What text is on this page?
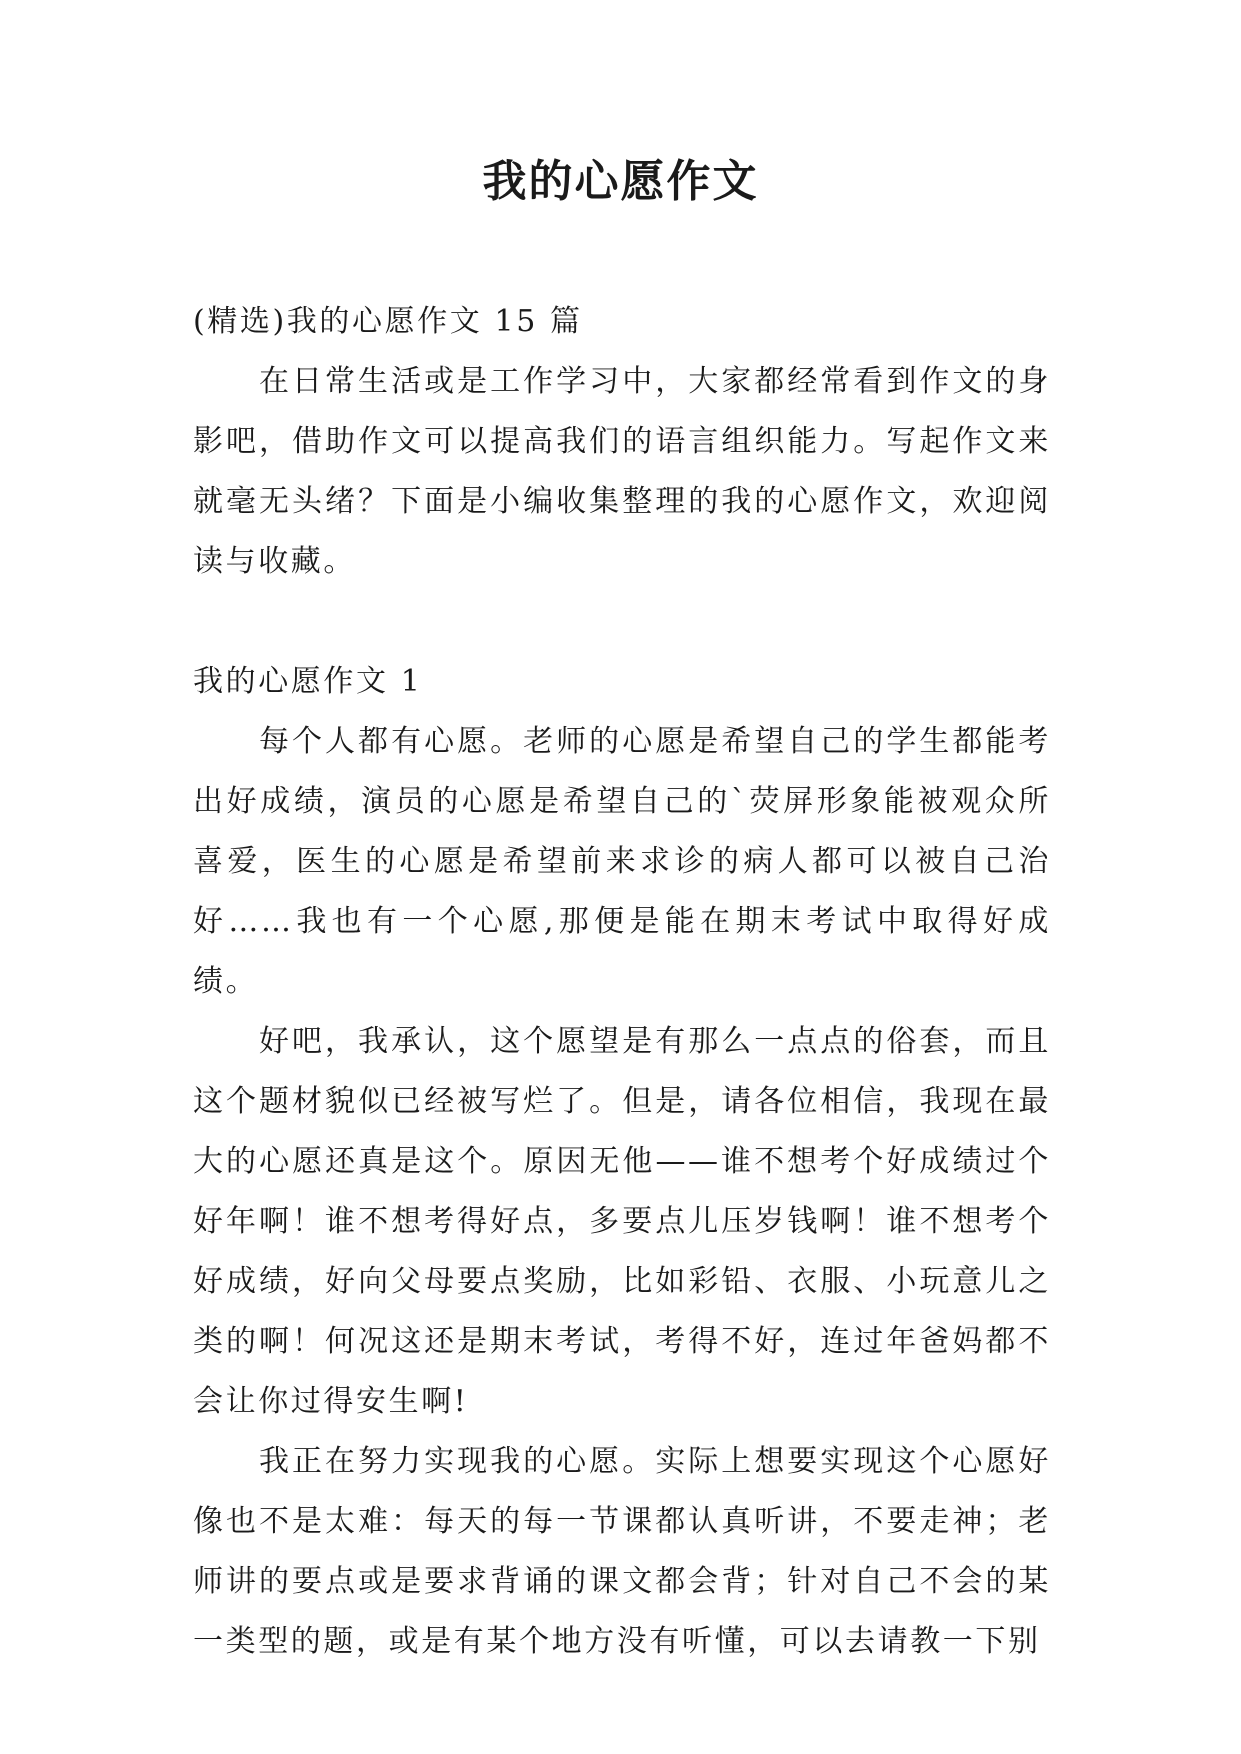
我的心愿作文

(精选)我的心愿作文 15 篇

在日常生活或是工作学习中，大家都经常看到作文的身影吧，借助作文可以提高我们的语言组织能力。写起作文来就毫无头绪？下面是小编收集整理的我的心愿作文，欢迎阅读与收藏。

我的心愿作文 1

每个人都有心愿。老师的心愿是希望自己的学生都能考出好成绩，演员的心愿是希望自己的`荧屏形象能被观众所喜爱，医生的心愿是希望前来求诊的病人都可以被自己治好……我也有一个心愿,那便是能在期末考试中取得好成绩。

好吧，我承认，这个愿望是有那么一点点的俗套，而且这个题材貌似已经被写烂了。但是，请各位相信，我现在最大的心愿还真是这个。原因无他——谁不想考个好成绩过个好年啊！谁不想考得好点，多要点儿压岁钱啊！谁不想考个好成绩，好向父母要点奖励，比如彩铅、衣服、小玩意儿之类的啊！何况这还是期末考试，考得不好，连过年爸妈都不会让你过得安生啊!

我正在努力实现我的心愿。实际上想要实现这个心愿好像也不是太难：每天的每一节课都认真听讲，不要走神；老师讲的要点或是要求背诵的课文都会背；针对自己不会的某一类型的题，或是有某个地方没有听懂，可以去请教一下别
